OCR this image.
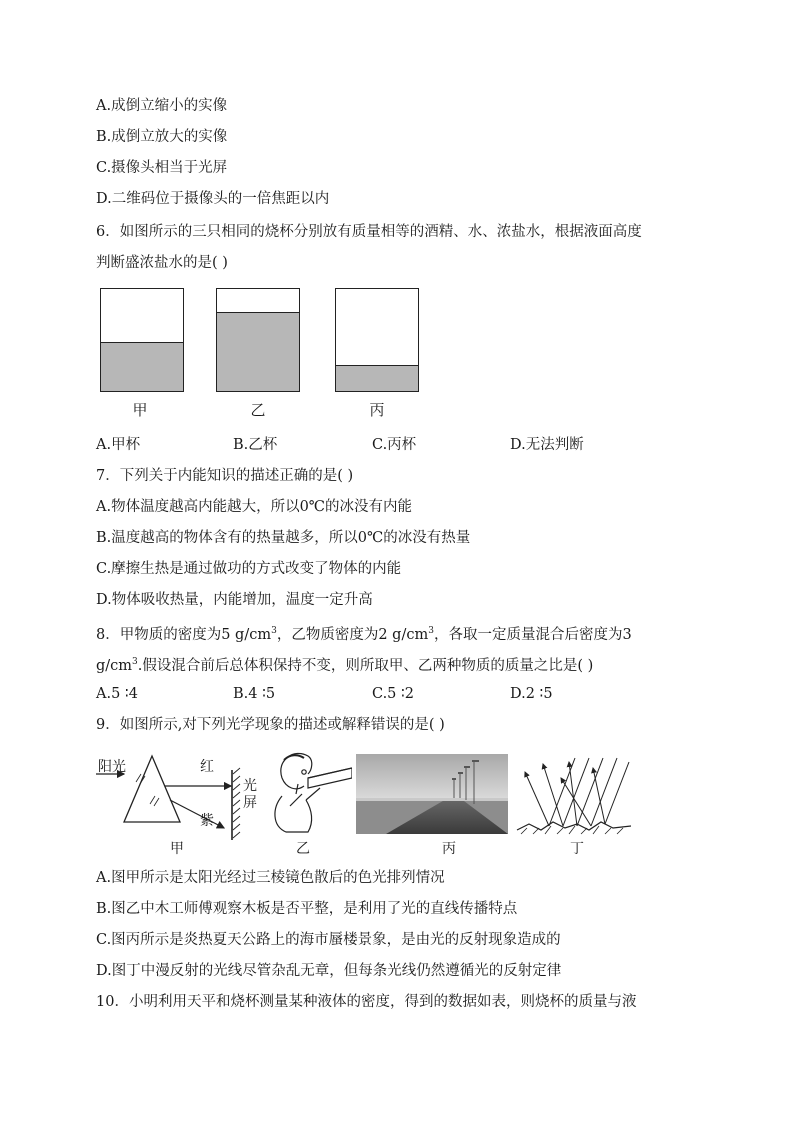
A.成倒立缩小的实像
B.成倒立放大的实像
C.摄像头相当于光屏
D.二维码位于摄像头的一倍焦距以内
6．如图所示的三只相同的烧杯分别放有质量相等的酒精、水、浓盐水，根据液面高度
判断盛浓盐水的是( )
甲	乙	丙
A.甲杯	B.乙杯	C.丙杯	D.无法判断
7．下列关于内能知识的描述正确的是( )
A.物体温度越高内能越大，所以0℃的冰没有内能
B.温度越高的物体含有的热量越多，所以0℃的冰没有热量
C.摩擦生热是通过做功的方式改变了物体的内能
D.物体吸收热量，内能增加，温度一定升高
8．甲物质的密度为5 $g/cm^3$，乙物质密度为2 $g/cm^3$，各取一定质量混合后密度为3
$g/cm^3$.假设混合前后总体积保持不变，则所取甲、乙两种物质的质量之比是( )
A.5 ∶4	B.4 ∶5	C.5 ∶2	D.2 ∶5
9．如图所示,对下列光学现象的描述或解释错误的是( )
阳光	红
紫
光屏
甲	乙	丙	丁
A.图甲所示是太阳光经过三棱镜色散后的色光排列情况
B.图乙中木工师傅观察木板是否平整，是利用了光的直线传播特点
C.图丙所示是炎热夏天公路上的海市蜃楼景象，是由光的反射现象造成的
D.图丁中漫反射的光线尽管杂乱无章，但每条光线仍然遵循光的反射定律
10．小明利用天平和烧杯测量某种液体的密度，得到的数据如表，则烧杯的质量与液
